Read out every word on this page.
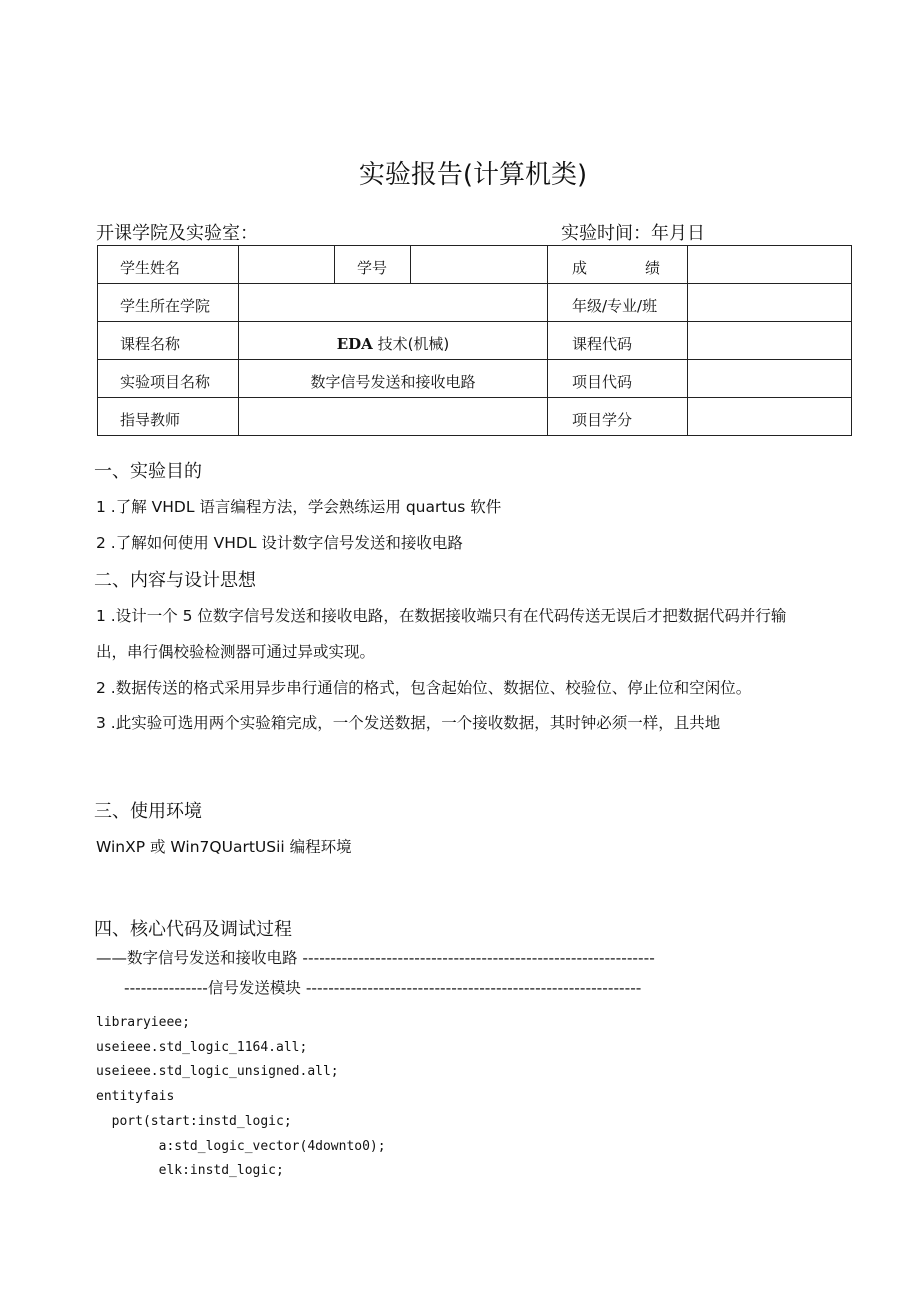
实验报告(计算机类)
开课学院及实验室：	实验时间：年月日
学生姓名		学号		成 绩	

学生所在学院				年级/专业/班	
课程名称	EDA 技术(机械)			课程代码	
实验项目名称	数字信号发送和接收电路			项目代码	
指导教师				项目学分	
一、实验目的
1 .了解 VHDL 语言编程方法，学会熟练运用 quartus 软件
2 .了解如何使用 VHDL 设计数字信号发送和接收电路
二、内容与设计思想
1 .设计一个 5 位数字信号发送和接收电路，在数据接收端只有在代码传送无误后才把数据代码并行输
出，串行偶校验检测器可通过异或实现。
2 .数据传送的格式采用异步串行通信的格式，包含起始位、数据位、校验位、停止位和空闲位。
3 .此实验可选用两个实验箱完成，一个发送数据，一个接收数据，其时钟必须一样，且共地
三、使用环境
WinXP 或 Win7QUartUSii 编程环境
四、核心代码及调试过程
——数字信号发送和接收电路 ---------------------------------------------------------------
---------------信号发送模块 ------------------------------------------------------------
libraryieee;
useieee.std_logic_1164.all;
useieee.std_logic_unsigned.all;
entityfais
port(start:instd_logic;
a:std_logic_vector(4downto0);
elk:instd_logic;
